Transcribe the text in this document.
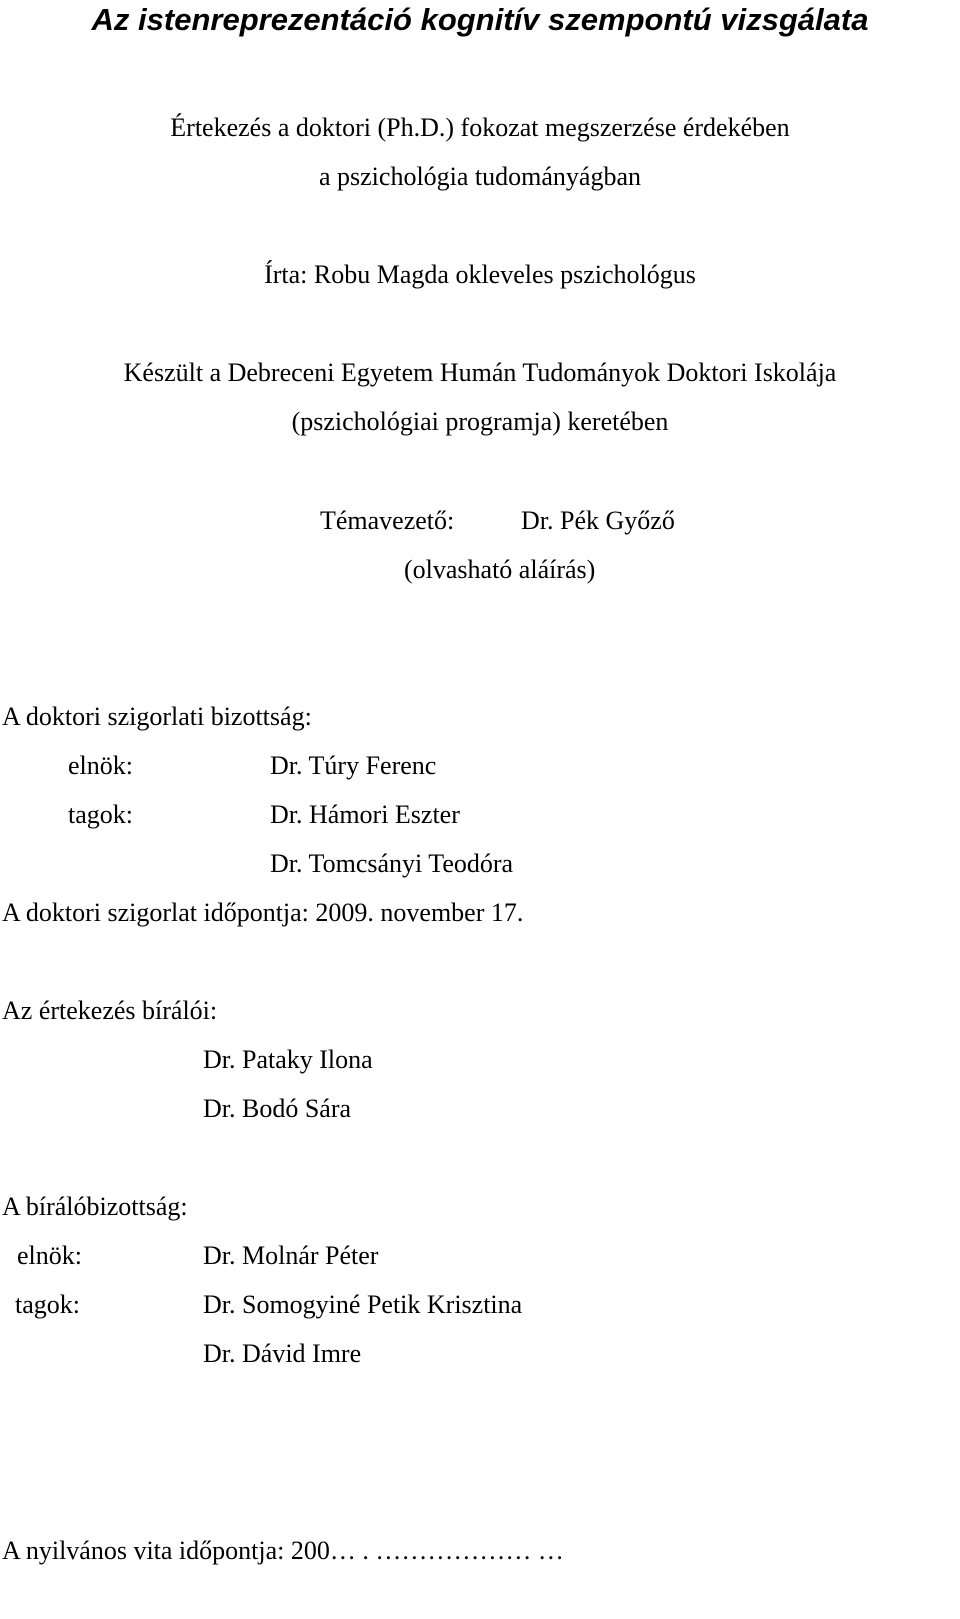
Az istenreprezentáció kognitív szempontú vizsgálata
Értekezés a doktori (Ph.D.) fokozat megszerzése érdekében
a pszichológia tudományágban
Írta: Robu Magda okleveles pszichológus
Készült a Debreceni Egyetem Humán Tudományok Doktori Iskolája
(pszichológiai programja) keretében
Témavezető:	Dr. Pék Győző
(olvasható aláírás)
A doktori szigorlati bizottság:
elnök:	Dr. Túry Ferenc
tagok:	Dr. Hámori Eszter
Dr. Tomcsányi Teodóra
A doktori szigorlat időpontja: 2009. november 17.
Az értekezés bírálói:
Dr. Pataky Ilona
Dr. Bodó Sára
A bírálóbizottság:
elnök:	Dr. Molnár Péter
tagok:	Dr. Somogyiné Petik Krisztina
Dr. Dávid Imre
A nyilvános vita időpontja: 200… . ……………… …
